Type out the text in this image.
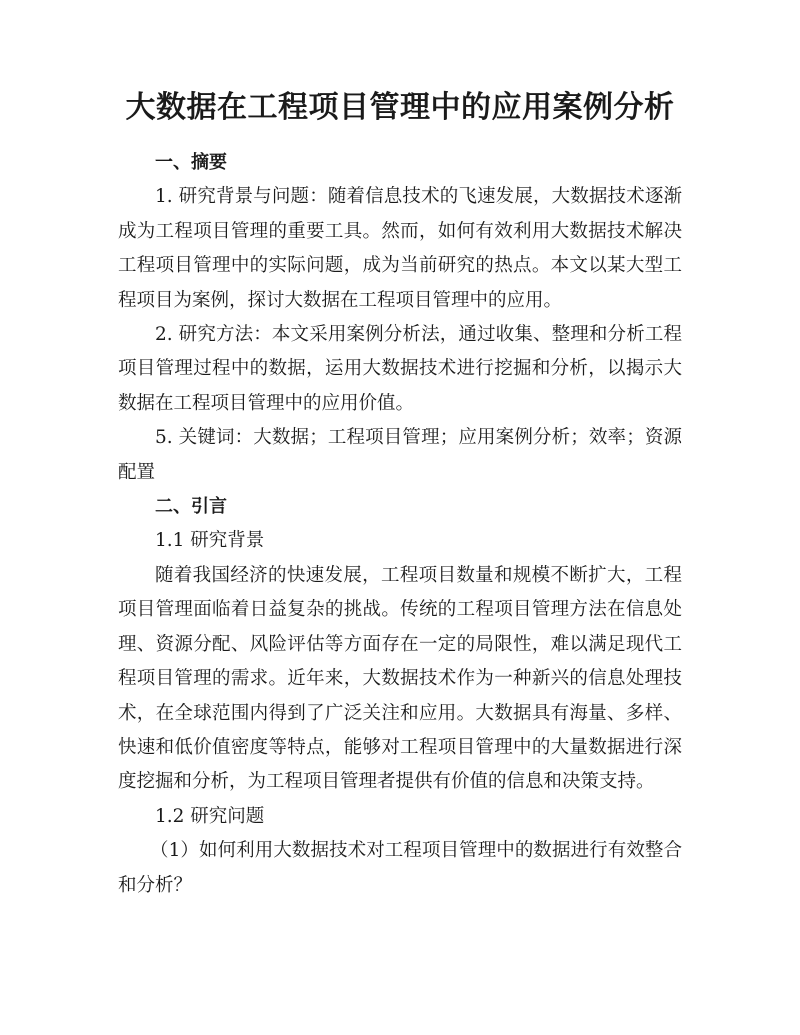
大数据在工程项目管理中的应用案例分析

一、摘要

1. 研究背景与问题：随着信息技术的飞速发展，大数据技术逐渐

成为工程项目管理的重要工具。然而，如何有效利用大数据技术解决

工程项目管理中的实际问题，成为当前研究的热点。本文以某大型工

程项目为案例，探讨大数据在工程项目管理中的应用。

2. 研究方法：本文采用案例分析法，通过收集、整理和分析工程

项目管理过程中的数据，运用大数据技术进行挖掘和分析，以揭示大

数据在工程项目管理中的应用价值。

5. 关键词：大数据；工程项目管理；应用案例分析；效率；资源

配置

二、引言

1.1 研究背景

随着我国经济的快速发展，工程项目数量和规模不断扩大，工程

项目管理面临着日益复杂的挑战。传统的工程项目管理方法在信息处

理、资源分配、风险评估等方面存在一定的局限性，难以满足现代工

程项目管理的需求。近年来，大数据技术作为一种新兴的信息处理技

术，在全球范围内得到了广泛关注和应用。大数据具有海量、多样、

快速和低价值密度等特点，能够对工程项目管理中的大量数据进行深

度挖掘和分析，为工程项目管理者提供有价值的信息和决策支持。

1.2 研究问题

（1）如何利用大数据技术对工程项目管理中的数据进行有效整合

和分析？
